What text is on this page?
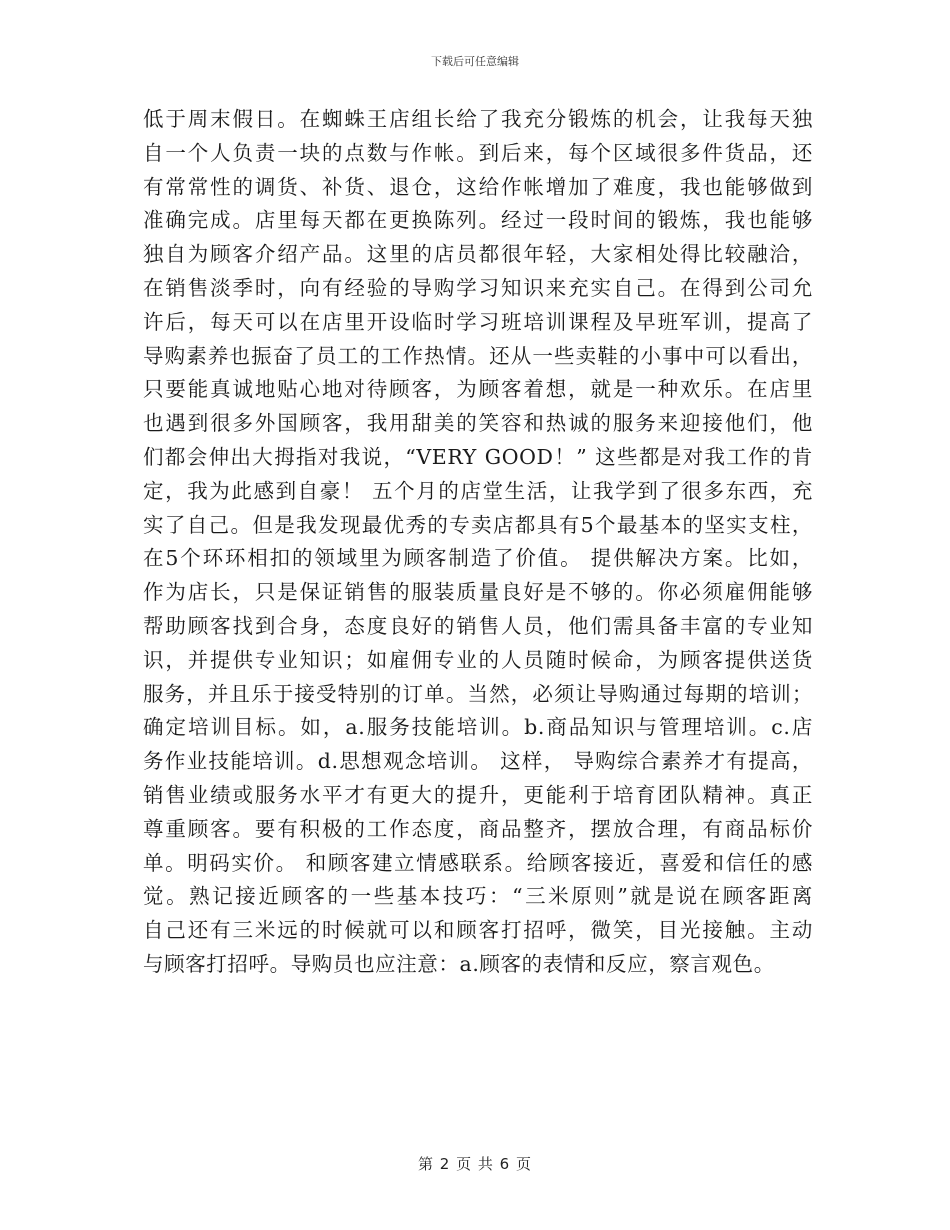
下载后可任意编辑
低于周末假日。在蜘蛛王店组长给了我充分锻炼的机会，让我每天独
自一个人负责一块的点数与作帐。到后来，每个区域很多件货品，还
有常常性的调货、补货、退仓，这给作帐增加了难度，我也能够做到
准确完成。店里每天都在更换陈列。经过一段时间的锻炼，我也能够
独自为顾客介绍产品。这里的店员都很年轻，大家相处得比较融洽，
在销售淡季时，向有经验的导购学习知识来充实自己。在得到公司允
许后，每天可以在店里开设临时学习班培训课程及早班军训，提高了
导购素养也振奋了员工的工作热情。还从一些卖鞋的小事中可以看出，
只要能真诚地贴心地对待顾客，为顾客着想，就是一种欢乐。在店里
也遇到很多外国顾客，我用甜美的笑容和热诚的服务来迎接他们，他
们都会伸出大拇指对我说，“VERY GOOD！” 这些都是对我工作的肯
定，我为此感到自豪！ 五个月的店堂生活，让我学到了很多东西，充
实了自己。但是我发现最优秀的专卖店都具有5个最基本的坚实支柱，
在5个环环相扣的领域里为顾客制造了价值。 提供解决方案。比如，
作为店长，只是保证销售的服装质量良好是不够的。你必须雇佣能够
帮助顾客找到合身，态度良好的销售人员，他们需具备丰富的专业知
识，并提供专业知识；如雇佣专业的人员随时候命，为顾客提供送货
服务，并且乐于接受特别的订单。当然，必须让导购通过每期的培训；
确定培训目标。如，a.服务技能培训。b.商品知识与管理培训。c.店
务作业技能培训。d.思想观念培训。 这样， 导购综合素养才有提高，
销售业绩或服务水平才有更大的提升，更能利于培育团队精神。真正
尊重顾客。要有积极的工作态度，商品整齐，摆放合理，有商品标价
单。明码实价。 和顾客建立情感联系。给顾客接近，喜爱和信任的感
觉。熟记接近顾客的一些基本技巧：“三米原则”就是说在顾客距离
自己还有三米远的时候就可以和顾客打招呼，微笑，目光接触。主动
与顾客打招呼。导购员也应注意：a.顾客的表情和反应，察言观色。
第 2 页 共 6 页
